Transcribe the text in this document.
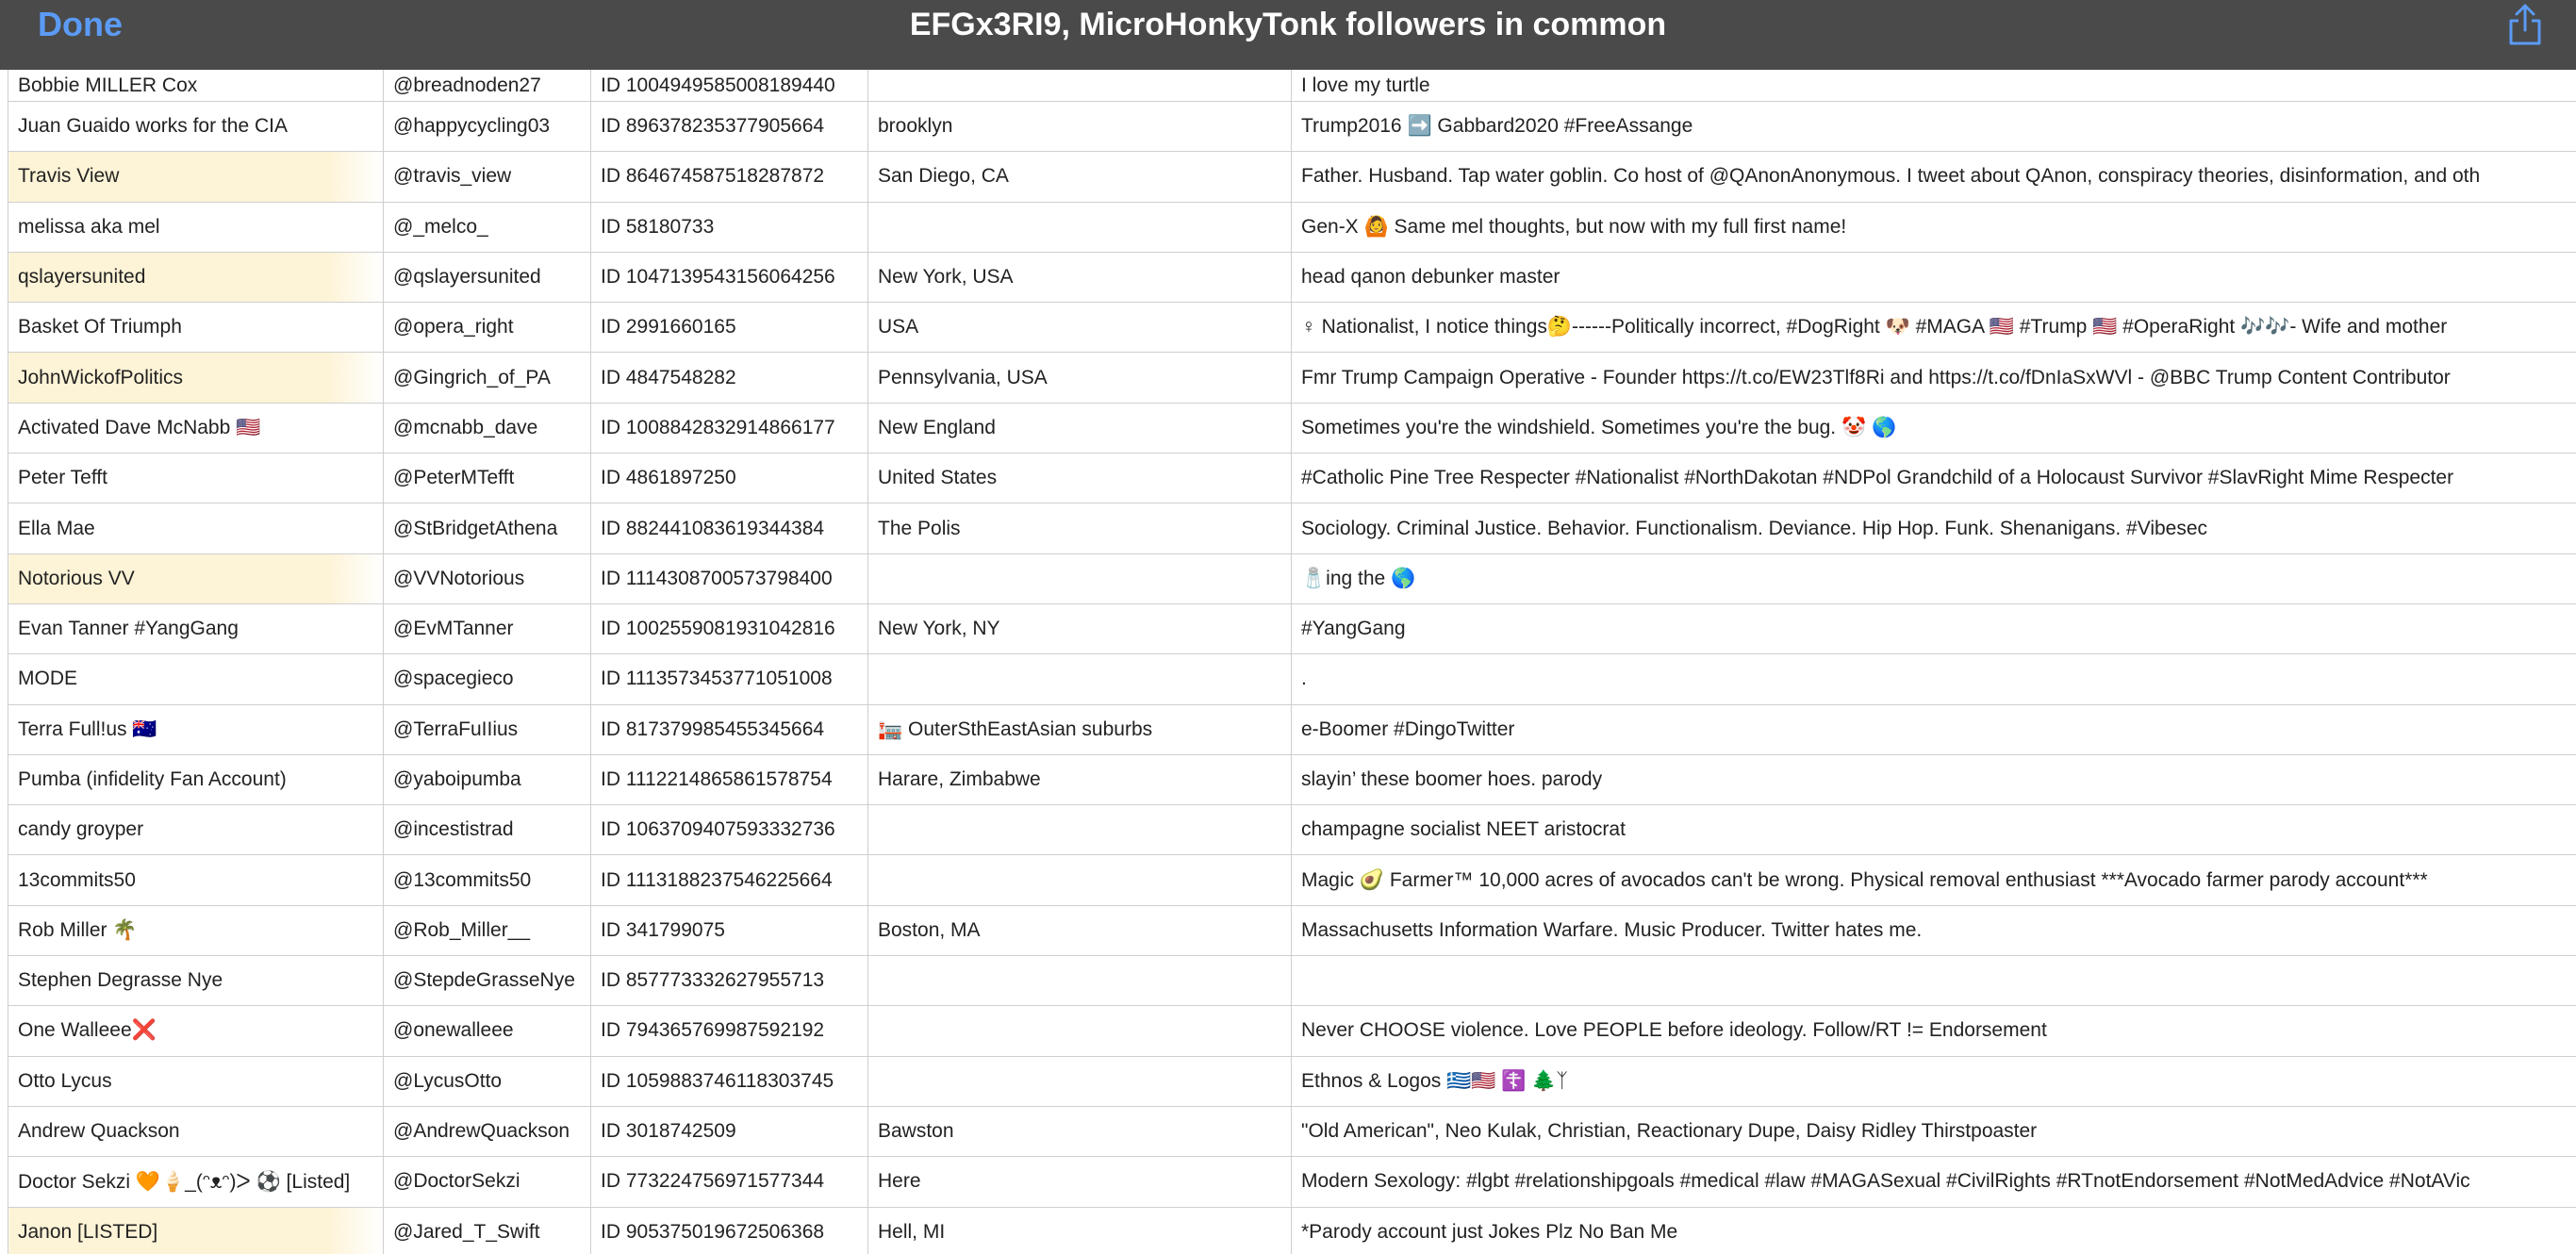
Done	EFGx3RI9, MicroHonkyTonk followers in common
Bobbie MILLER Cox	@breadnoden27	ID 1004949585008189440		I love my turtle
Juan Guaido works for the CIA	@happycycling03	ID 896378235377905664	brooklyn	Trump2016 ➡️ Gabbard2020 #FreeAssange
Travis View	@travis_view	ID 864674587518287872	San Diego, CA	Father. Husband. Tap water goblin. Co host of @QAnonAnonymous. I tweet about QAnon, conspiracy theories, disinformation, and oth
melissa aka mel	@_melco_	ID 58180733		Gen-X 🙆 Same mel thoughts, but now with my full first name!
qslayersunited	@qslayersunited	ID 1047139543156064256	New York, USA	head qanon debunker master
Basket Of Triumph	@opera_right	ID 2991660165	USA	♀ Nationalist, I notice things🤔------Politically incorrect, #DogRight 🐶 #MAGA 🇺🇸 #Trump 🇺🇸 #OperaRight 🎶🎶- Wife and mother
JohnWickofPolitics	@Gingrich_of_PA	ID 4847548282	Pennsylvania, USA	Fmr Trump Campaign Operative - Founder https://t.co/EW23Tlf8Ri and https://t.co/fDnIaSxWVl - @BBC Trump Content Contributor
Activated Dave McNabb 🇺🇸	@mcnabb_dave	ID 1008842832914866177	New England	Sometimes you're the windshield. Sometimes you're the bug. 🤡 🌎
Peter Tefft	@PeterMTefft	ID 4861897250	United States	#Catholic Pine Tree Respecter #Nationalist #NorthDakotan #NDPol Grandchild of a Holocaust Survivor #SlavRight Mime Respecter
Ella Mae	@StBridgetAthena	ID 882441083619344384	The Polis	Sociology. Criminal Justice. Behavior. Functionalism. Deviance. Hip Hop. Funk. Shenanigans. #Vibesec
Notorious VV	@VVNotorious	ID 1114308700573798400		🧂ing the 🌎
Evan Tanner #YangGang	@EvMTanner	ID 1002559081931042816	New York, NY	#YangGang
MODE	@spacegieco	ID 1113573453771051008		.
Terra Full!us 🇦🇺	@TerraFuIIius	ID 817379985455345664	🏣 OuterSthEastAsian suburbs	e-Boomer #DingoTwitter
Pumba (infidelity Fan Account)	@yaboipumba	ID 1112214865861578754	Harare, Zimbabwe	slayin’ these boomer hoes. parody
candy groyper	@incestistrad	ID 1063709407593332736		champagne socialist NEET aristocrat
13commits50	@13commits50	ID 1113188237546225664		Magic 🥑 Farmer™ 10,000 acres of avocados can't be wrong. Physical removal enthusiast ***Avocado farmer parody account***
Rob Miller 🌴	@Rob_Miller__	ID 341799075	Boston, MA	Massachusetts Information Warfare. Music Producer. Twitter hates me.
Stephen Degrasse Nye	@StepdeGrasseNye	ID 857773332627955713		
One Walleee❌	@onewalleee	ID 794365769987592192		Never CHOOSE violence. Love PEOPLE before ideology. Follow/RT != Endorsement
Otto Lycus	@LycusOtto	ID 1059883746118303745		Ethnos & Logos 🇬🇷🇺🇸 ☦️ 🌲ᛉ
Andrew Quackson	@AndrewQuackson	ID 3018742509	Bawston	"Old American", Neo Kulak, Christian, Reactionary Dupe, Daisy Ridley Thirstpoaster
Doctor Sekzi 🧡🍦_(ᵔᴥᵔ)ᐳ ⚽️ [Listed]	@DoctorSekzi	ID 773224756971577344	Here	Modern Sexology: #lgbt #relationshipgoals #medical #law #MAGASexual #CivilRights #RTnotEndorsement #NotMedAdvice #NotAVic
Janon [LISTED]	@Jared_T_Swift	ID 905375019672506368	Hell, MI	*Parody account just Jokes Plz No Ban Me
